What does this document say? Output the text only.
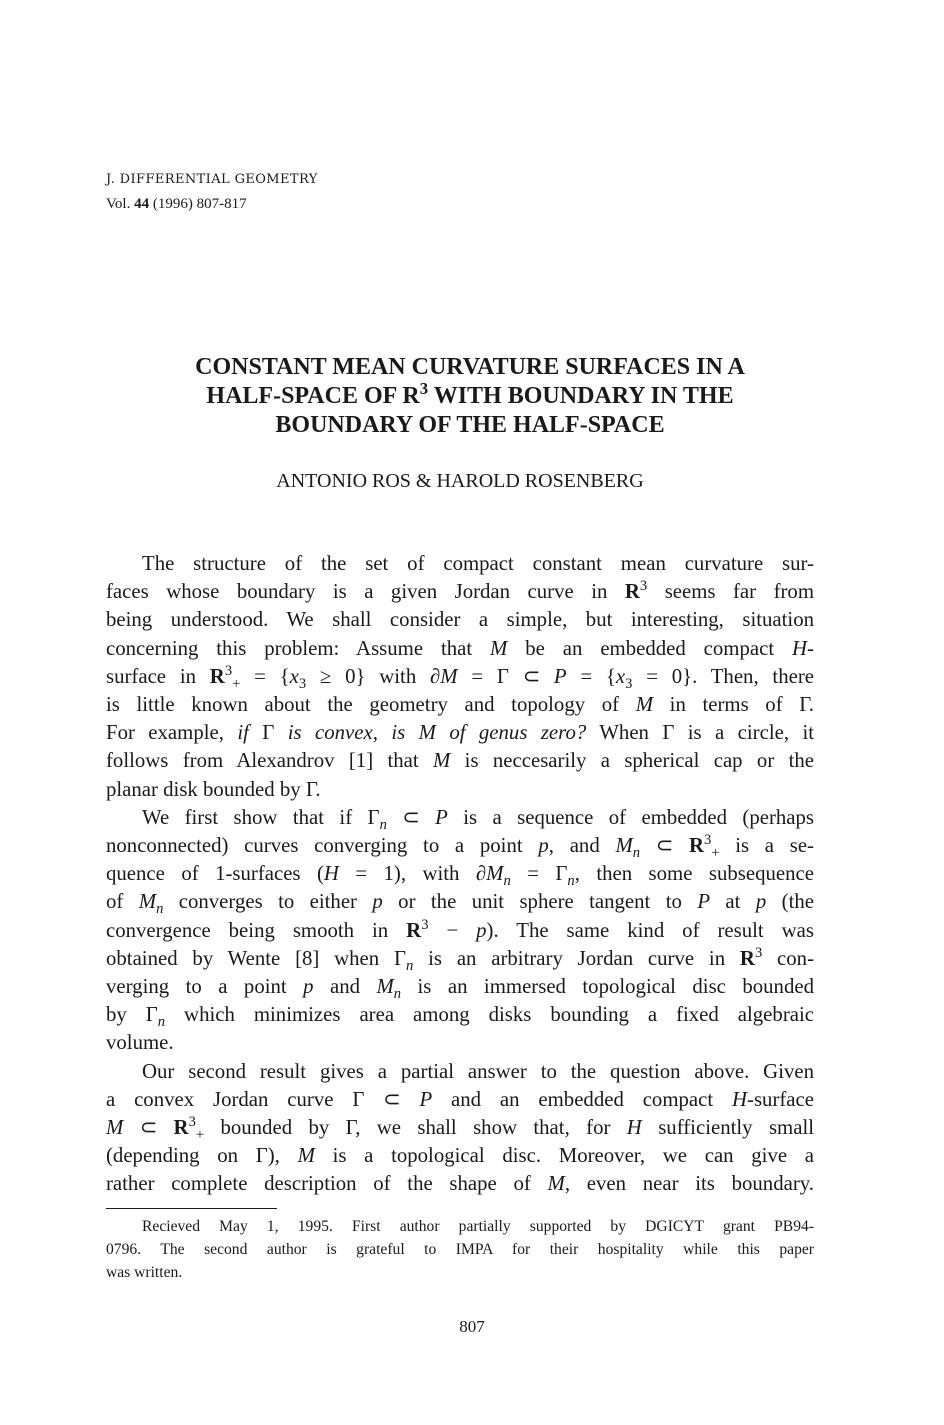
J. DIFFERENTIAL GEOMETRY
Vol. 44 (1996) 807-817
CONSTANT MEAN CURVATURE SURFACES IN A
HALF-SPACE OF $R^3$ WITH BOUNDARY IN THE
BOUNDARY OF THE HALF-SPACE
ANTONIO ROS & HAROLD ROSENBERG
The structure of the set of compact constant mean curvature sur-
faces whose boundary is a given Jordan curve in $R^3$ seems far from
being understood. We shall consider a simple, but interesting, situation
concerning this problem: Assume that M be an embedded compact H-
surface in $R^3_+ = \{x_3 \ge 0\}$ with ∂M = Γ ⊂ $P = \{x_3 = 0\}$. Then, there
is little known about the geometry and topology of M in terms of Γ.
For example, if Γ is convex, is M of genus zero? When Γ is a circle, it
follows from Alexandrov [1] that M is neccesarily a spherical cap or the
planar disk bounded by Γ.
We first show that if $\Gamma_n$ ⊂ P is a sequence of embedded (perhaps
nonconnected) curves converging to a point p, and $M_n$ ⊂ $R^3_+$ is a se-
quence of 1-surfaces (H = 1), with $\partial M_n = \Gamma_n$, then some subsequence
of $M_n$ converges to either p or the unit sphere tangent to P at p (the
convergence being smooth in $R^3 - p$). The same kind of result was
obtained by Wente [8] when $\Gamma_n$ is an arbitrary Jordan curve in $R^3$ con-
verging to a point p and $M_n$ is an immersed topological disc bounded
by $\Gamma_n$ which minimizes area among disks bounding a fixed algebraic
volume.
Our second result gives a partial answer to the question above. Given
a convex Jordan curve Γ ⊂ P and an embedded compact H-surface
M ⊂ $R^3_+$ bounded by Γ, we shall show that, for H sufficiently small
(depending on Γ), M is a topological disc. Moreover, we can give a
rather complete description of the shape of M, even near its boundary.
Recieved May 1, 1995. First author partially supported by DGICYT grant PB94-
0796. The second author is grateful to IMPA for their hospitality while this paper
was written.
807
